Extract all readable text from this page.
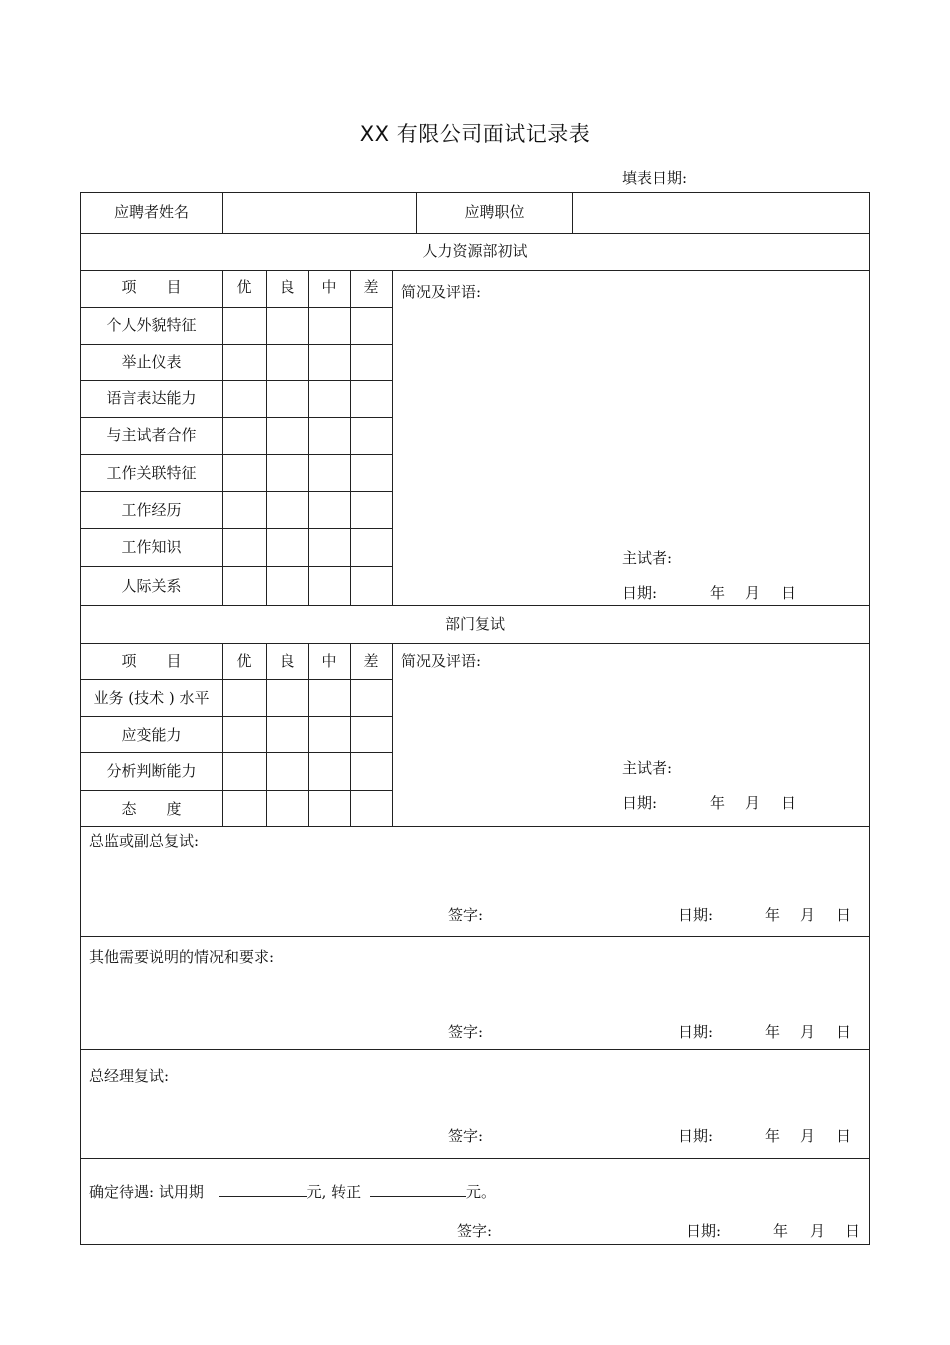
XX 有限公司面试记录表
填表日期:
应聘者姓名	应聘职位
人力资源部初试
项　　目	优	良	中	差
个人外貌特征
举止仪表
语言表达能力
与主试者合作
工作关联特征
工作经历
工作知识
人际关系
简况及评语:
主试者:
日期:	年 月 日
部门复试
项　　目	优	良	中	差
业务 (技术 ) 水平
应变能力
分析判断能力
态　　度
简况及评语:
主试者:
日期:	年 月 日
总监或副总复试:
签字:	日期:	年 月 日
其他需要说明的情况和要求:
签字:	日期:	年 月 日
总经理复试:
签字:	日期:	年 月 日
确定待遇: 试用期	元, 转正	元。
签字:	日期:	年 月 日
